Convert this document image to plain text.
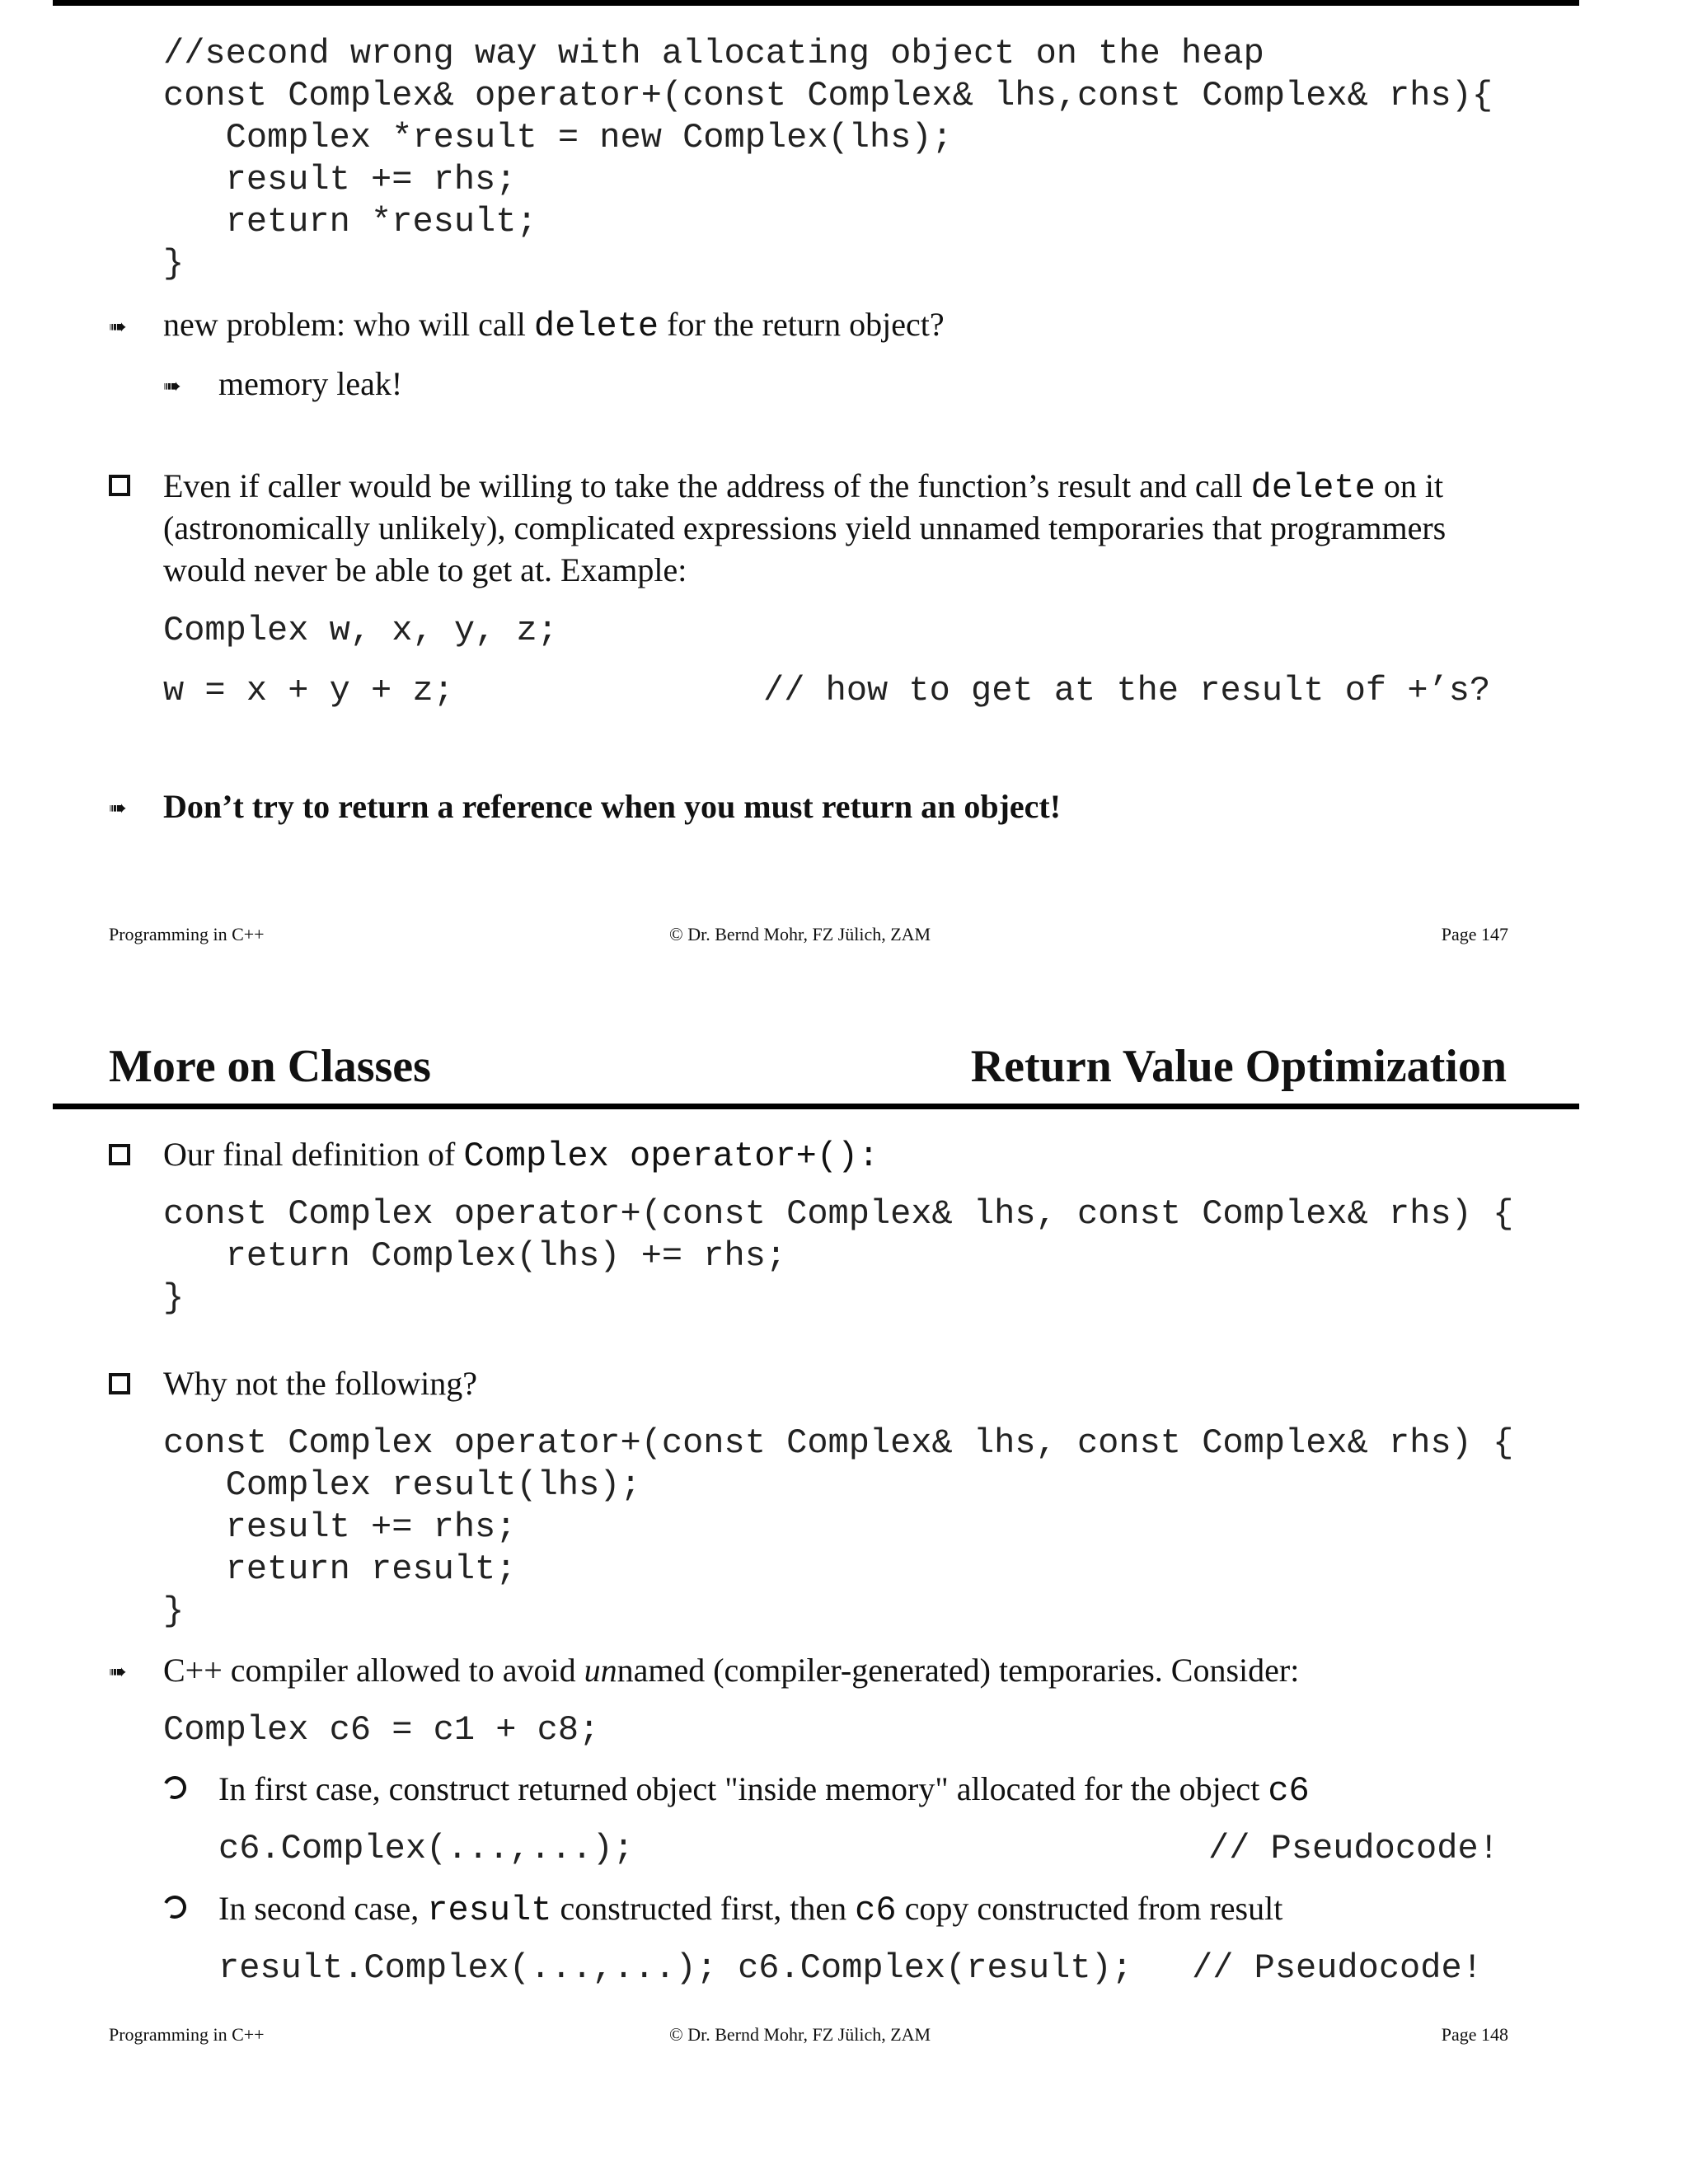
//second wrong way with allocating object on the heap
const Complex& operator+(const Complex& lhs,const Complex& rhs){
Complex *result = new Complex(lhs);
result += rhs;
return *result;
}
➠ new problem: who will call delete for the return object?
➠ memory leak!
Even if caller would be willing to take the address of the function’s result and call delete on it
(astronomically unlikely), complicated expressions yield unnamed temporaries that programmers
would never be able to get at. Example:
Complex w, x, y, z;
w = x + y + z;	// how to get at the result of +’s?
➠ Don’t try to return a reference when you must return an object!
Programming in C++	© Dr. Bernd Mohr, FZ Jülich, ZAM	Page 147
More on Classes	Return Value Optimization
Our final definition of Complex operator+():
const Complex operator+(const Complex& lhs, const Complex& rhs) {
return Complex(lhs) += rhs;
}
Why not the following?
const Complex operator+(const Complex& lhs, const Complex& rhs) {
Complex result(lhs);
result += rhs;
return result;
}
➠ C++ compiler allowed to avoid unnamed (compiler-generated) temporaries. Consider:
Complex c6 = c1 + c8;
In first case, construct returned object "inside memory" allocated for the object c6
c6.Complex(...,...);	// Pseudocode!
In second case, result constructed first, then c6 copy constructed from result
result.Complex(...,...); c6.Complex(result); // Pseudocode!
Programming in C++	© Dr. Bernd Mohr, FZ Jülich, ZAM	Page 148
